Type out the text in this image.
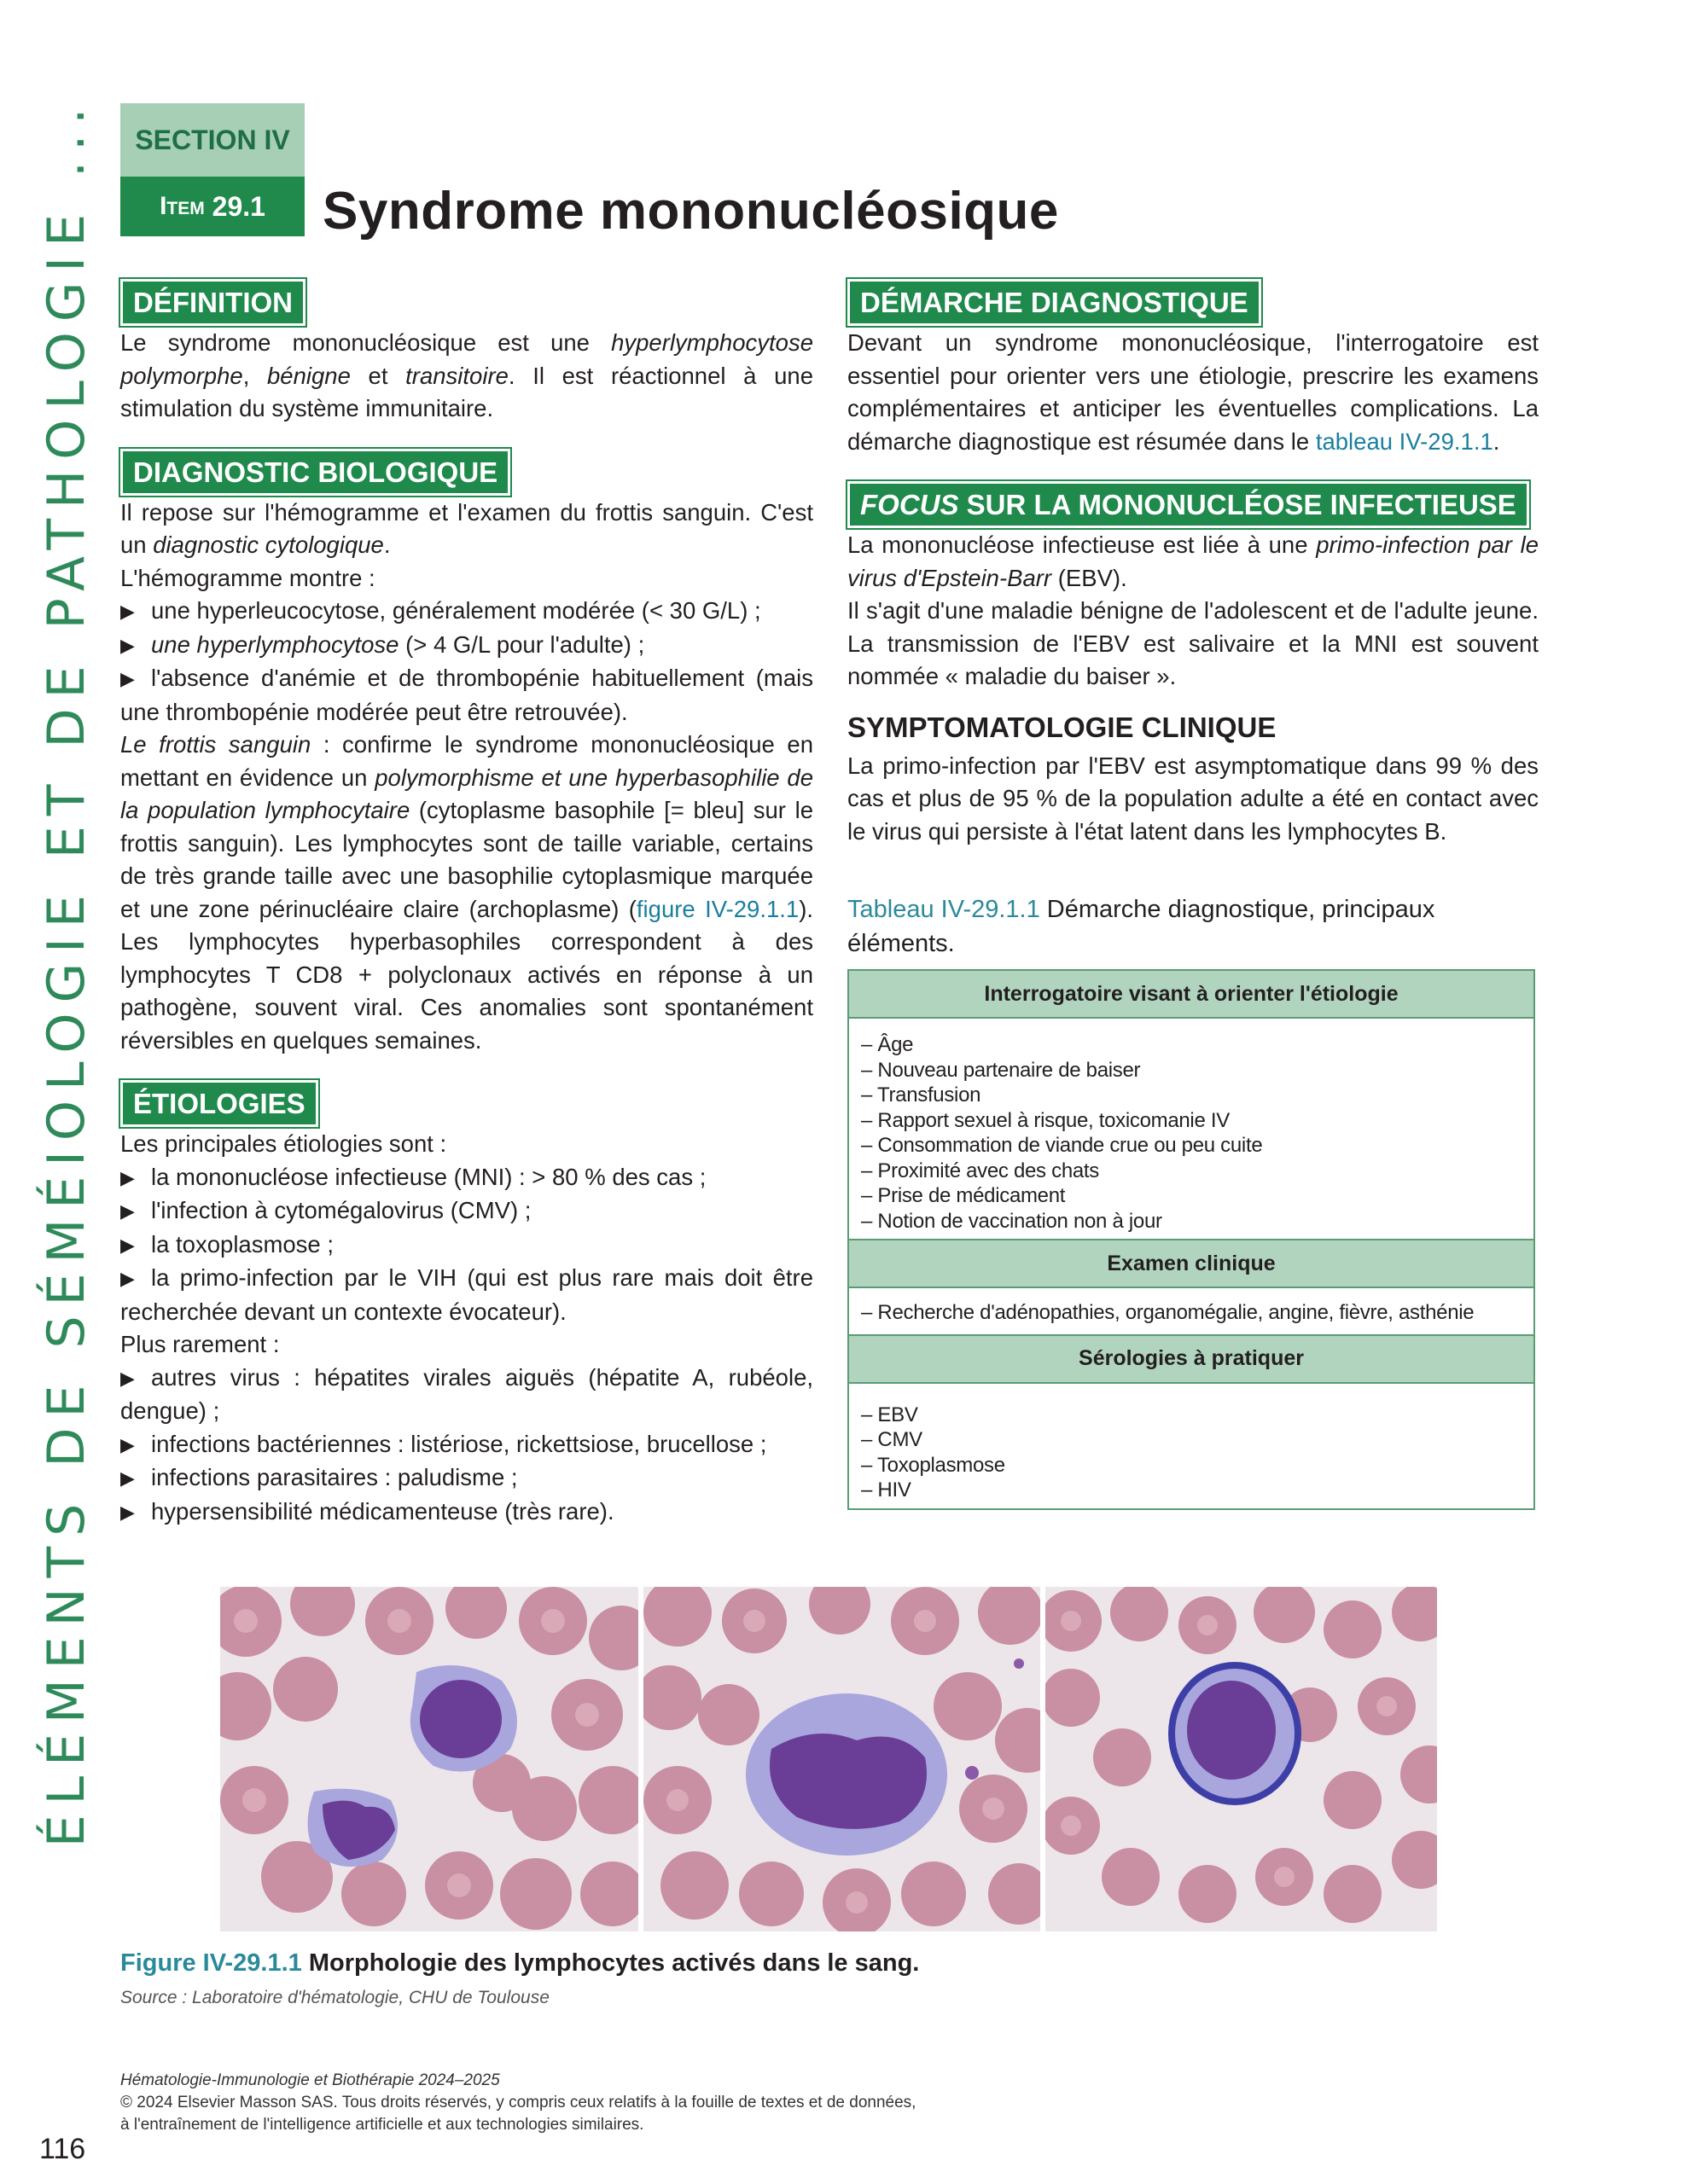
ÉLÉMENTS DE SÉMÉIOLOGIE ET DE PATHOLOGIE ...
116
SECTION IV
Item
29.1 Syndrome mononucléosique
DÉFINITION

Le syndrome mononucléosique est une hyperlymphocytose polymorphe, bénigne et transitoire. Il est réactionnel à une stimulation du système immunitaire.

DIAGNOSTIC BIOLOGIQUE
Il repose sur l'hémogramme et l'examen du frottis sanguin. C'est un diagnostic cytologique.
L'hémogramme montre :
▶ une hyperleucocytose, généralement modérée (< 30 G/L) ;
▶ une hyperlymphocytose (> 4 G/L pour l'adulte) ;
▶ l'absence d'anémie et de thrombopénie habituellement (mais une thrombopénie modérée peut être retrouvée).
Le frottis sanguin : confirme le syndrome mononucléosique en mettant en évidence un polymorphisme et une hyperbasophilie de la population lymphocytaire (cytoplasme basophile [= bleu] sur le frottis sanguin). Les lymphocytes sont de taille variable, certains de très grande taille avec une basophilie cytoplasmique marquée et une zone périnucléaire claire (archoplasme) (figure IV-29.1.1). Les lymphocytes hyperbasophiles correspondent à des lymphocytes T CD8 + polyclonaux activés en réponse à un pathogène, souvent viral. Ces anomalies sont spontanément réversibles en quelques semaines.
ÉTIOLOGIES
Les principales étiologies sont :
▶ la mononucléose infectieuse (MNI) : > 80 % des cas ;
▶ l'infection à cytomégalovirus (CMV) ;
▶ la toxoplasmose ;
▶ la primo-infection par le VIH (qui est plus rare mais doit être recherchée devant un contexte évocateur).
Plus rarement :
▶ autres virus : hépatites virales aiguës (hépatite A, rubéole, dengue) ;
▶ infections bactériennes : listériose, rickettsiose, brucellose ;
▶ infections parasitaires : paludisme ;
▶ hypersensibilité médicamenteuse (très rare).
DÉMARCHE DIAGNOSTIQUE

Devant un syndrome mononucléosique, l'interrogatoire est essentiel pour orienter vers une étiologie, prescrire les examens complémentaires et anticiper les éventuelles complications. La démarche diagnostique est résumée dans le tableau IV-29.1.1.

FOCUS SUR LA MONONUCLÉOSE INFECTIEUSE
La mononucléose infectieuse est liée à une primo-infection par le virus d'Epstein-Barr (EBV).
Il s'agit d'une maladie bénigne de l'adolescent et de l'adulte jeune. La transmission de l'EBV est salivaire et la MNI est souvent nommée « maladie du baiser ».
SYMPTOMATOLOGIE CLINIQUE

La primo-infection par l'EBV est asymptomatique dans 99 % des cas et plus de 95 % de la population adulte a été en contact avec le virus qui persiste à l'état latent dans les lymphocytes B.

Tableau IV-29.1.1 Démarche diagnostique, principaux éléments.
Interrogatoire visant à orienter l'étiologie

– Âge
– Nouveau partenaire de baiser
– Transfusion
– Rapport sexuel à risque, toxicomanie IV
– Consommation de viande crue ou peu cuite
– Proximité avec des chats
– Prise de médicament
– Notion de vaccination non à jour

Examen clinique

– Recherche d'adénopathies, organomégalie, angine, fièvre, asthénie

Sérologies à pratiquer

– EBV
– CMV
– Toxoplasmose
– HIV
Figure IV-29.1.1 Morphologie des lymphocytes activés dans le sang.
Source : Laboratoire d'hématologie, CHU de Toulouse
Hématologie-Immunologie et Biothérapie 2024–2025
© 2024 Elsevier Masson SAS. Tous droits réservés, y compris ceux relatifs à la fouille de textes et de données,
à l'entraînement de l'intelligence artificielle et aux technologies similaires.
